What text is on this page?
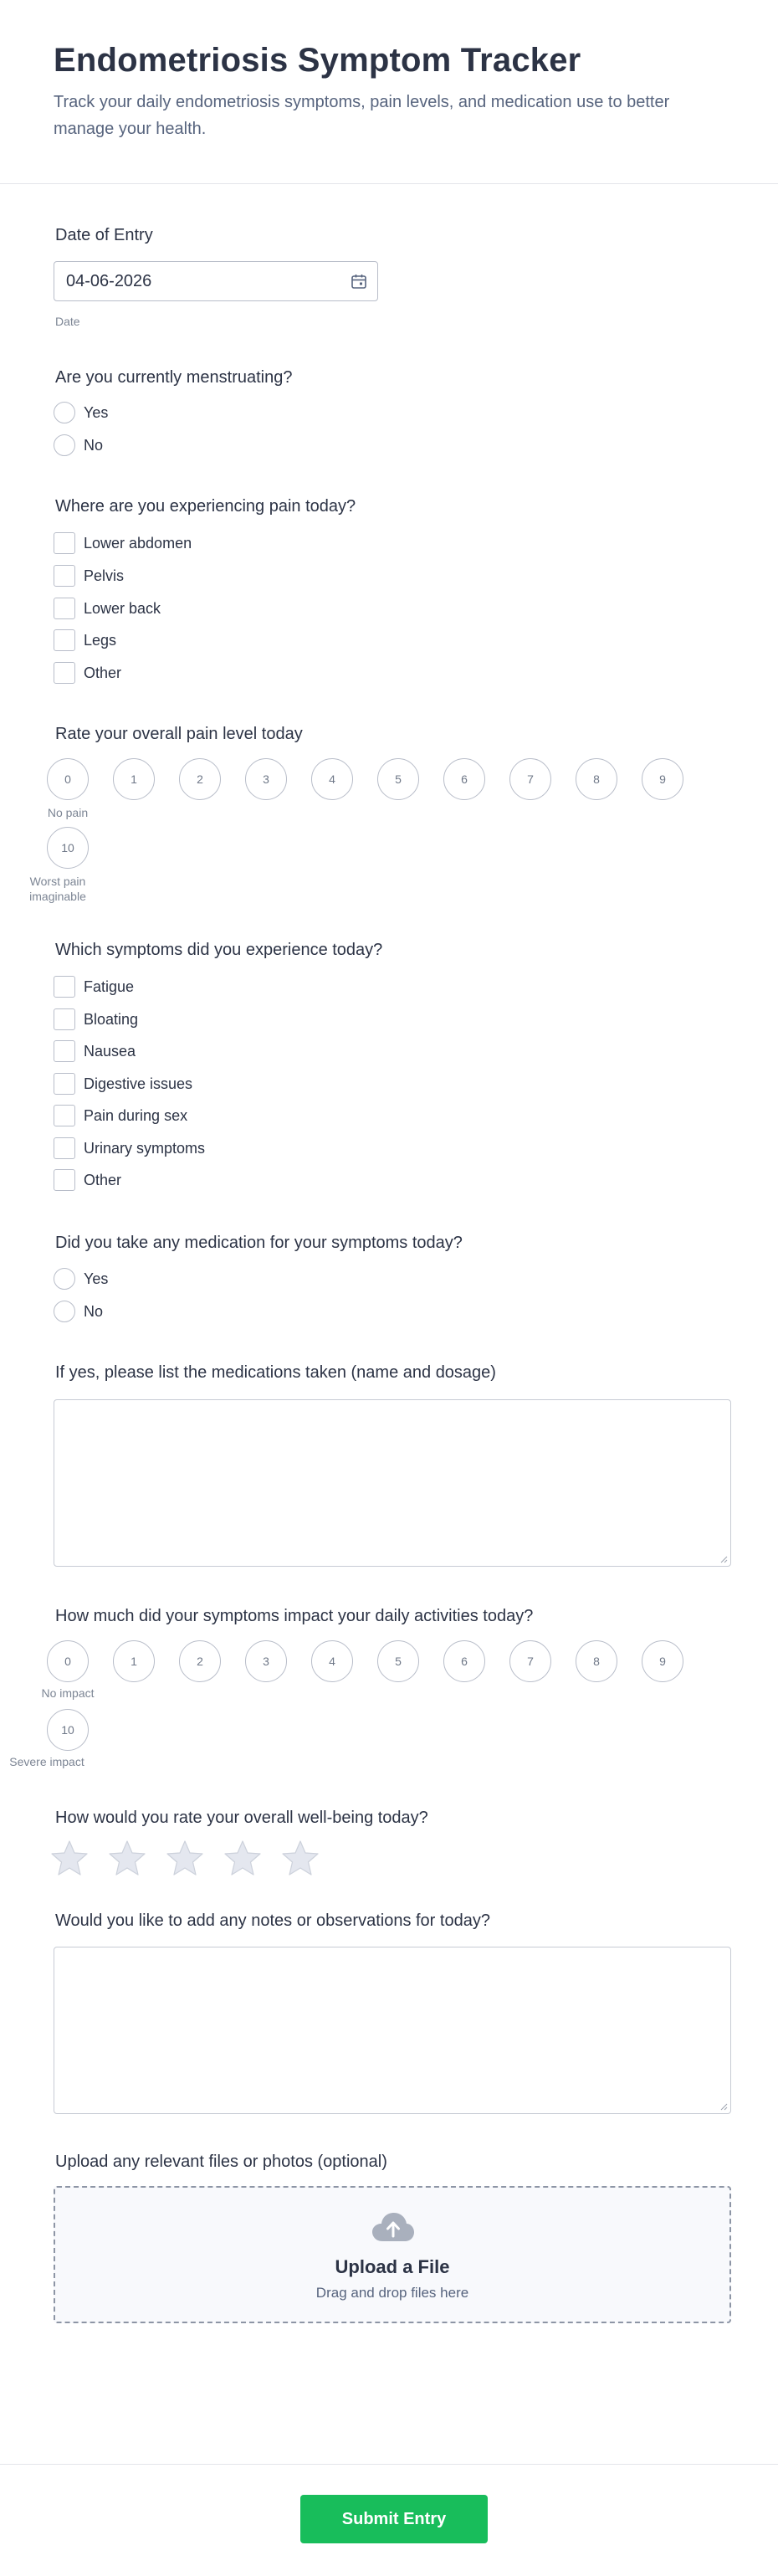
Endometriosis Symptom Tracker

Track your daily endometriosis symptoms, pain levels, and medication use to better manage your health.

Date of Entry
04-06-2026
Date
Are you currently menstruating?
Yes
No
Where are you experiencing pain today?
Lower abdomen
Pelvis
Lower back
Legs
Other
Rate your overall pain level today
0	1	2	3	4	5	6	7	8	9
No pain
10
Worst pain imaginable
Which symptoms did you experience today?
Fatigue
Bloating
Nausea
Digestive issues
Pain during sex
Urinary symptoms
Other
Did you take any medication for your symptoms today?
Yes
No
If yes, please list the medications taken (name and dosage)
How much did your symptoms impact your daily activities today?
0	1	2	3	4	5	6	7	8	9
No impact
10
Severe impact
How would you rate your overall well-being today?
Would you like to add any notes or observations for today?
Upload any relevant files or photos (optional)
Upload a File
Drag and drop files here
Submit Entry
